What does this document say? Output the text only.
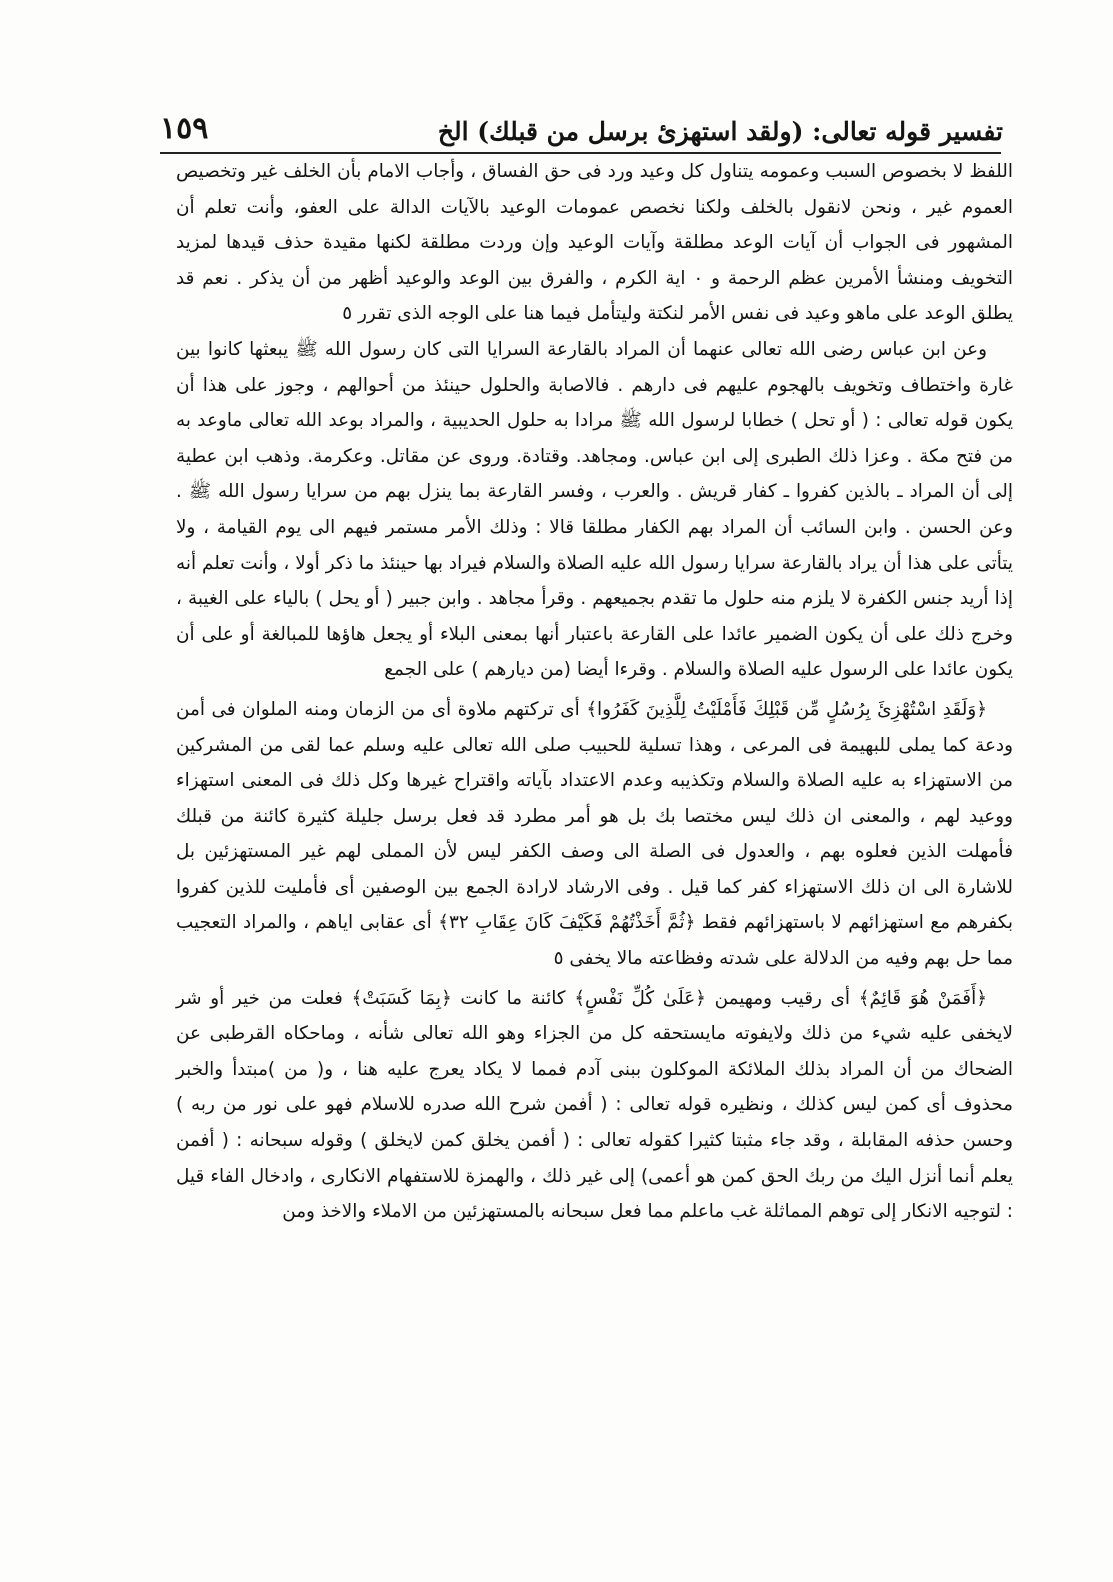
تفسير قوله تعالى: (ولقد استهزئ برسل من قبلك) الخ
١٥٩

اللفظ لا بخصوص السبب وعمومه يتناول كل وعيد ورد فى حق الفساق ، وأجاب الامام بأن الخلف غير وتخصيص العموم غير ، ونحن لانقول بالخلف ولكنا نخصص عمومات الوعيد بالآيات الدالة على العفو، وأنت تعلم أن المشهور فى الجواب أن آيات الوعد مطلقة وآيات الوعيد وإن وردت مطلقة لكنها مقيدة حذف قيدها لمزيد التخويف ومنشأ الأمرين عظم الرحمة و ٠ اية الكرم ، والفرق بين الوعد والوعيد أظهر من أن يذكر . نعم قد يطلق الوعد على ماهو وعيد فى نفس الأمر لنكتة وليتأمل فيما هنا على الوجه الذى تقرر ٥

وعن ابن عباس رضى الله تعالى عنهما أن المراد بالقارعة السرايا التى كان رسول الله ﷺ يبعثها كانوا بين غارة واختطاف وتخويف بالهجوم عليهم فى دارهم . فالاصابة والحلول حينئذ من أحوالهم ، وجوز على هذا أن يكون قوله تعالى : ( أو تحل ) خطابا لرسول الله ﷺ مرادا به حلول الحديبية ، والمراد بوعد الله تعالى ماوعد به من فتح مكة . وعزا ذلك الطبرى إلى ابن عباس. ومجاهد. وقتادة. وروى عن مقاتل. وعكرمة. وذهب ابن عطية إلى أن المراد ـ بالذين كفروا ـ كفار قريش . والعرب ، وفسر القارعة بما ينزل بهم من سرايا رسول الله ﷺ . وعن الحسن . وابن السائب أن المراد بهم الكفار مطلقا قالا : وذلك الأمر مستمر فيهم الى يوم القيامة ، ولا يتأتى على هذا أن يراد بالقارعة سرايا رسول الله عليه الصلاة والسلام فيراد بها حينئذ ما ذكر أولا ، وأنت تعلم أنه إذا أريد جنس الكفرة لا يلزم منه حلول ما تقدم بجميعهم . وقرأ مجاهد . وابن جبير ( أو يحل ) بالياء على الغيبة ، وخرج ذلك على أن يكون الضمير عائدا على القارعة باعتبار أنها بمعنى البلاء أو يجعل هاؤها للمبالغة أو على أن يكون عائدا على الرسول عليه الصلاة والسلام . وقرءا أيضا (من ديارهم ) على الجمع

﴿وَلَقَدِ اسْتُهْزِئَ بِرُسُلٍ مِّن قَبْلِكَ فَأَمْلَيْتُ لِلَّذِينَ كَفَرُوا﴾ أى تركتهم ملاوة أى من الزمان ومنه الملوان فى أمن ودعة كما يملى للبهيمة فى المرعى ، وهذا تسلية للحبيب صلى الله تعالى عليه وسلم عما لقى من المشركين من الاستهزاء به عليه الصلاة والسلام وتكذيبه وعدم الاعتداد بآياته واقتراح غيرها وكل ذلك فى المعنى استهزاء ووعيد لهم ، والمعنى ان ذلك ليس مختصا بك بل هو أمر مطرد قد فعل برسل جليلة كثيرة كائنة من قبلك فأمهلت الذين فعلوه بهم ، والعدول فى الصلة الى وصف الكفر ليس لأن المملى لهم غير المستهزئين بل للاشارة الى ان ذلك الاستهزاء كفر كما قيل . وفى الارشاد لارادة الجمع بين الوصفين أى فأمليت للذين كفروا بكفرهم مع استهزائهم لا باستهزائهم فقط ﴿ثُمَّ أَخَذْتُهُمْ فَكَيْفَ كَانَ عِقَابِ ٣٢﴾ أى عقابى اياهم ، والمراد التعجيب مما حل بهم وفيه من الدلالة على شدته وفظاعته مالا يخفى ٥

﴿أَفَمَنْ هُوَ قَائِمٌ﴾ أى رقيب ومهيمن ﴿عَلَىٰ كُلِّ نَفْسٍ﴾ كائنة ما كانت ﴿بِمَا كَسَبَتْ﴾ فعلت من خير أو شر لايخفى عليه شيء من ذلك ولايفوته مايستحقه كل من الجزاء وهو الله تعالى شأنه ، وماحكاه القرطبى عن الضحاك من أن المراد بذلك الملائكة الموكلون ببنى آدم فمما لا يكاد يعرج عليه هنا ، و( من )مبتدأ والخبر محذوف أى كمن ليس كذلك ، ونظيره قوله تعالى : ( أفمن شرح الله صدره للاسلام فهو على نور من ربه ) وحسن حذفه المقابلة ، وقد جاء مثبتا كثيرا كقوله تعالى : ( أفمن يخلق كمن لايخلق ) وقوله سبحانه : ( أفمن يعلم أنما أنزل اليك من ربك الحق كمن هو أعمى) إلى غير ذلك ، والهمزة للاستفهام الانكارى ، وادخال الفاء قيل : لتوجيه الانكار إلى توهم المماثلة غب ماعلم مما فعل سبحانه بالمستهزئين من الاملاء والاخذ ومن
